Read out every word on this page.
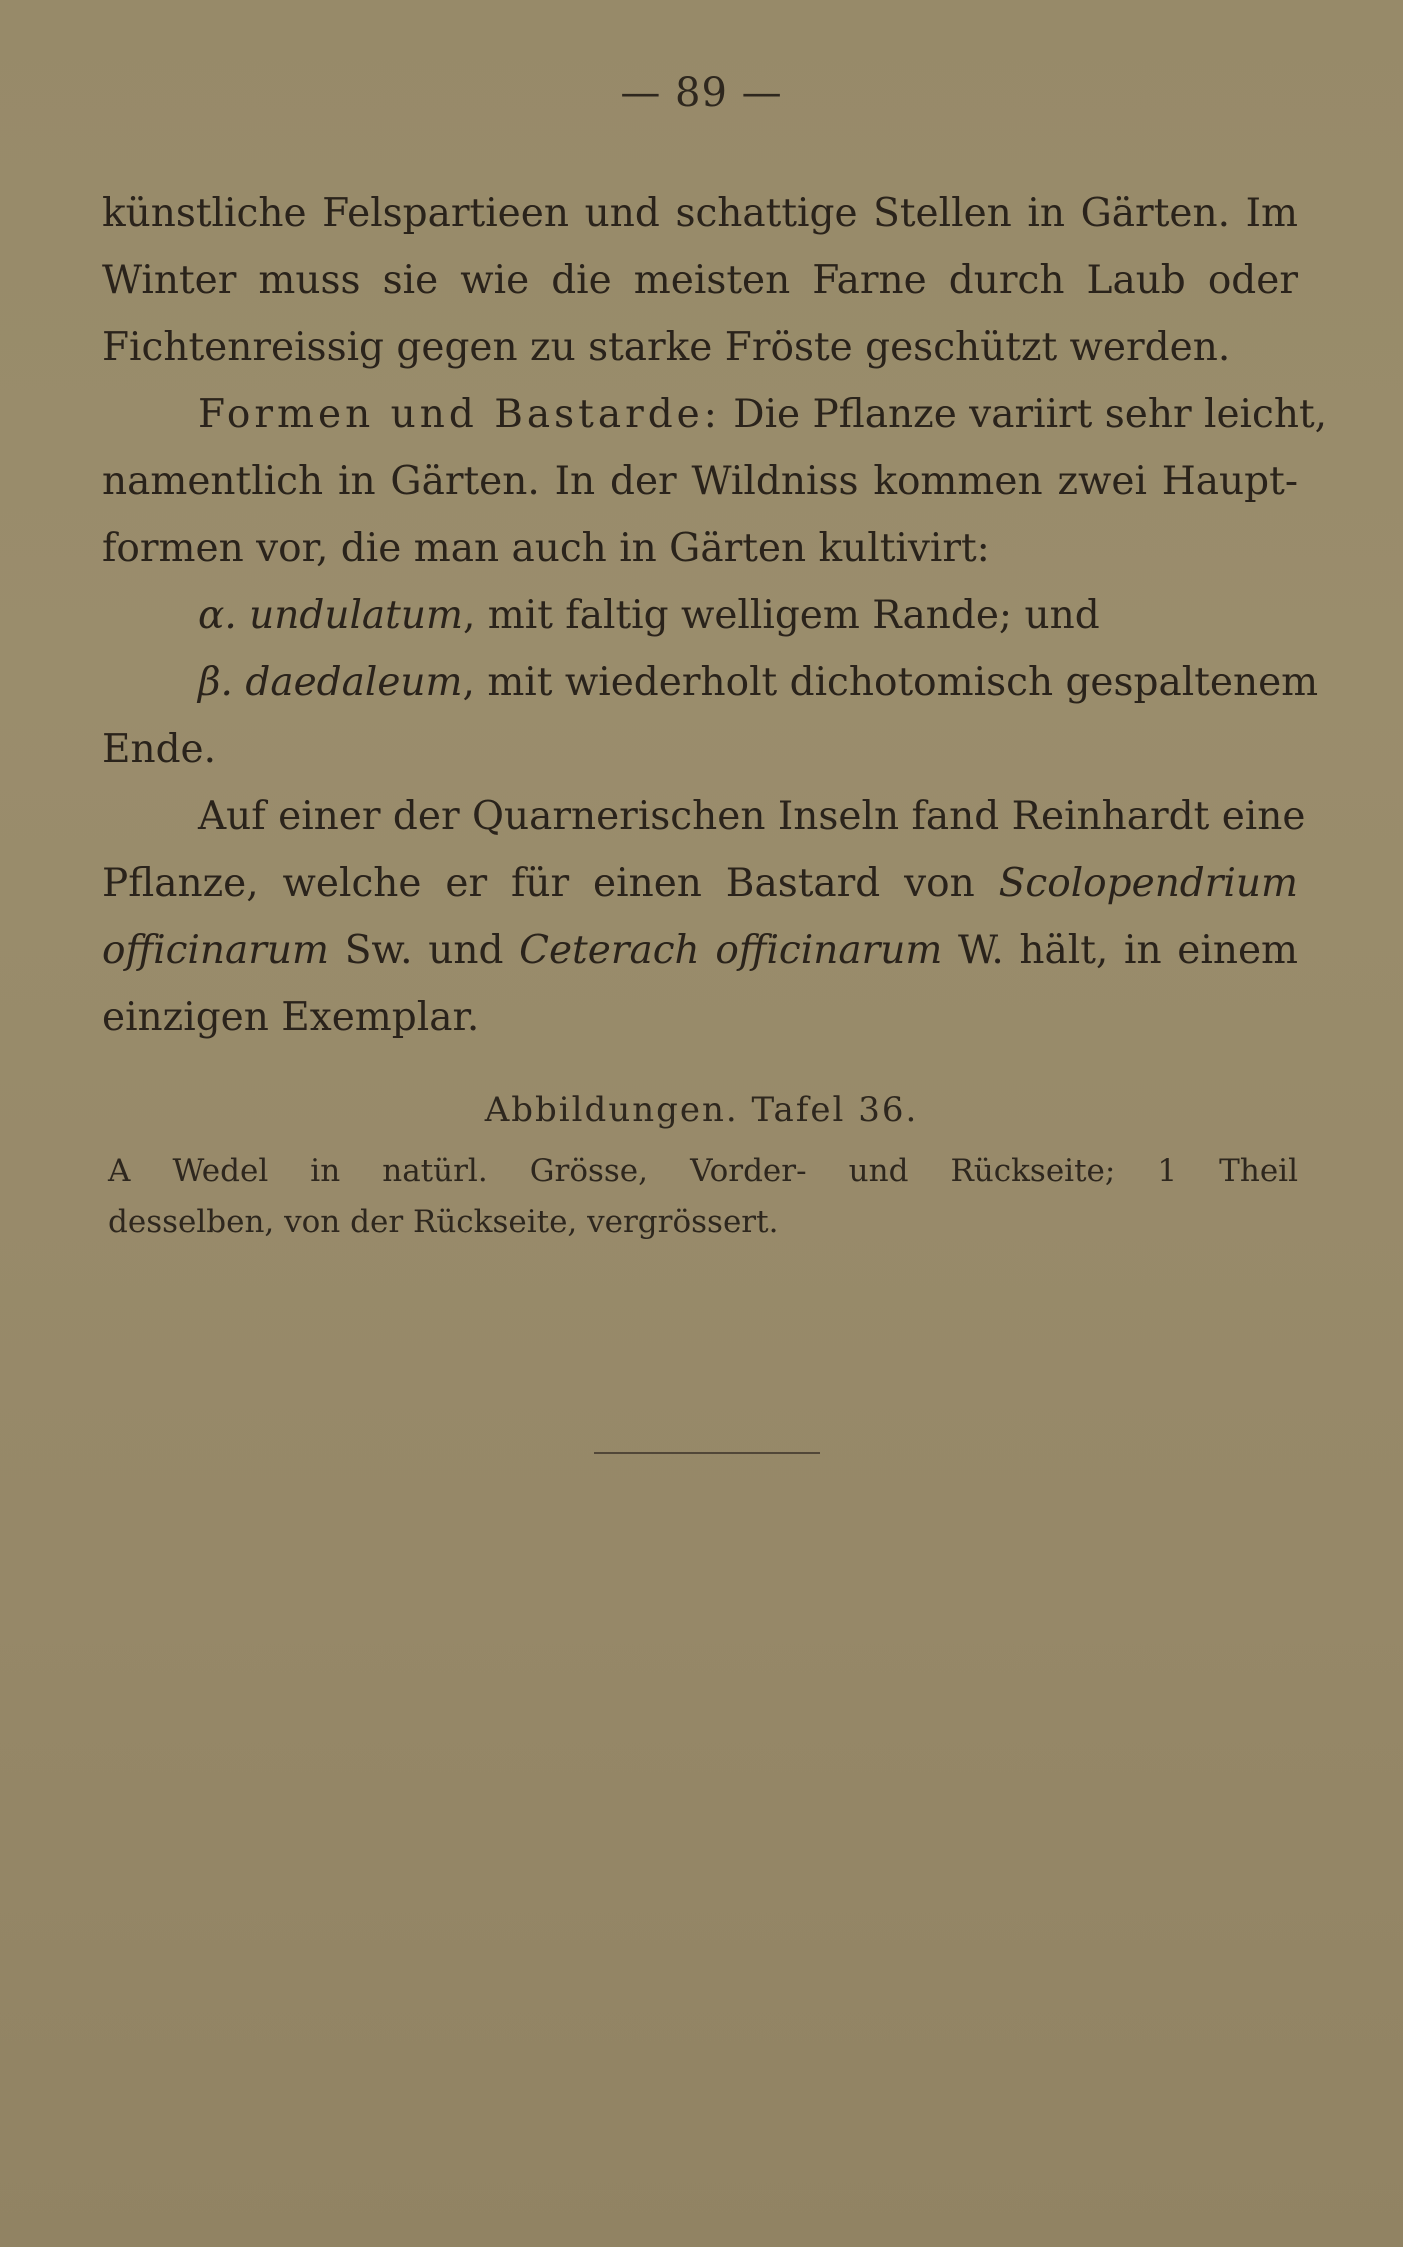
— 89 —
künstliche Felspartieen und schattige Stellen in Gärten. Im
Winter muss sie wie die meisten Farne durch Laub oder
Fichtenreissig gegen zu starke Fröste geschützt werden.
Formen und Bastarde: Die Pflanze variirt sehr leicht,
namentlich in Gärten. In der Wildniss kommen zwei Haupt-
formen vor, die man auch in Gärten kultivirt:
α. undulatum, mit faltig welligem Rande; und
β. daedaleum, mit wiederholt dichotomisch gespaltenem
Ende.
Auf einer der Quarnerischen Inseln fand Reinhardt eine
Pflanze, welche er für einen Bastard von Scolopendrium
officinarum Sw. und Ceterach officinarum W. hält, in einem
einzigen Exemplar.
Abbildungen. Tafel 36.
A Wedel in natürl. Grösse, Vorder- und Rückseite; 1 Theil
desselben, von der Rückseite, vergrössert.
